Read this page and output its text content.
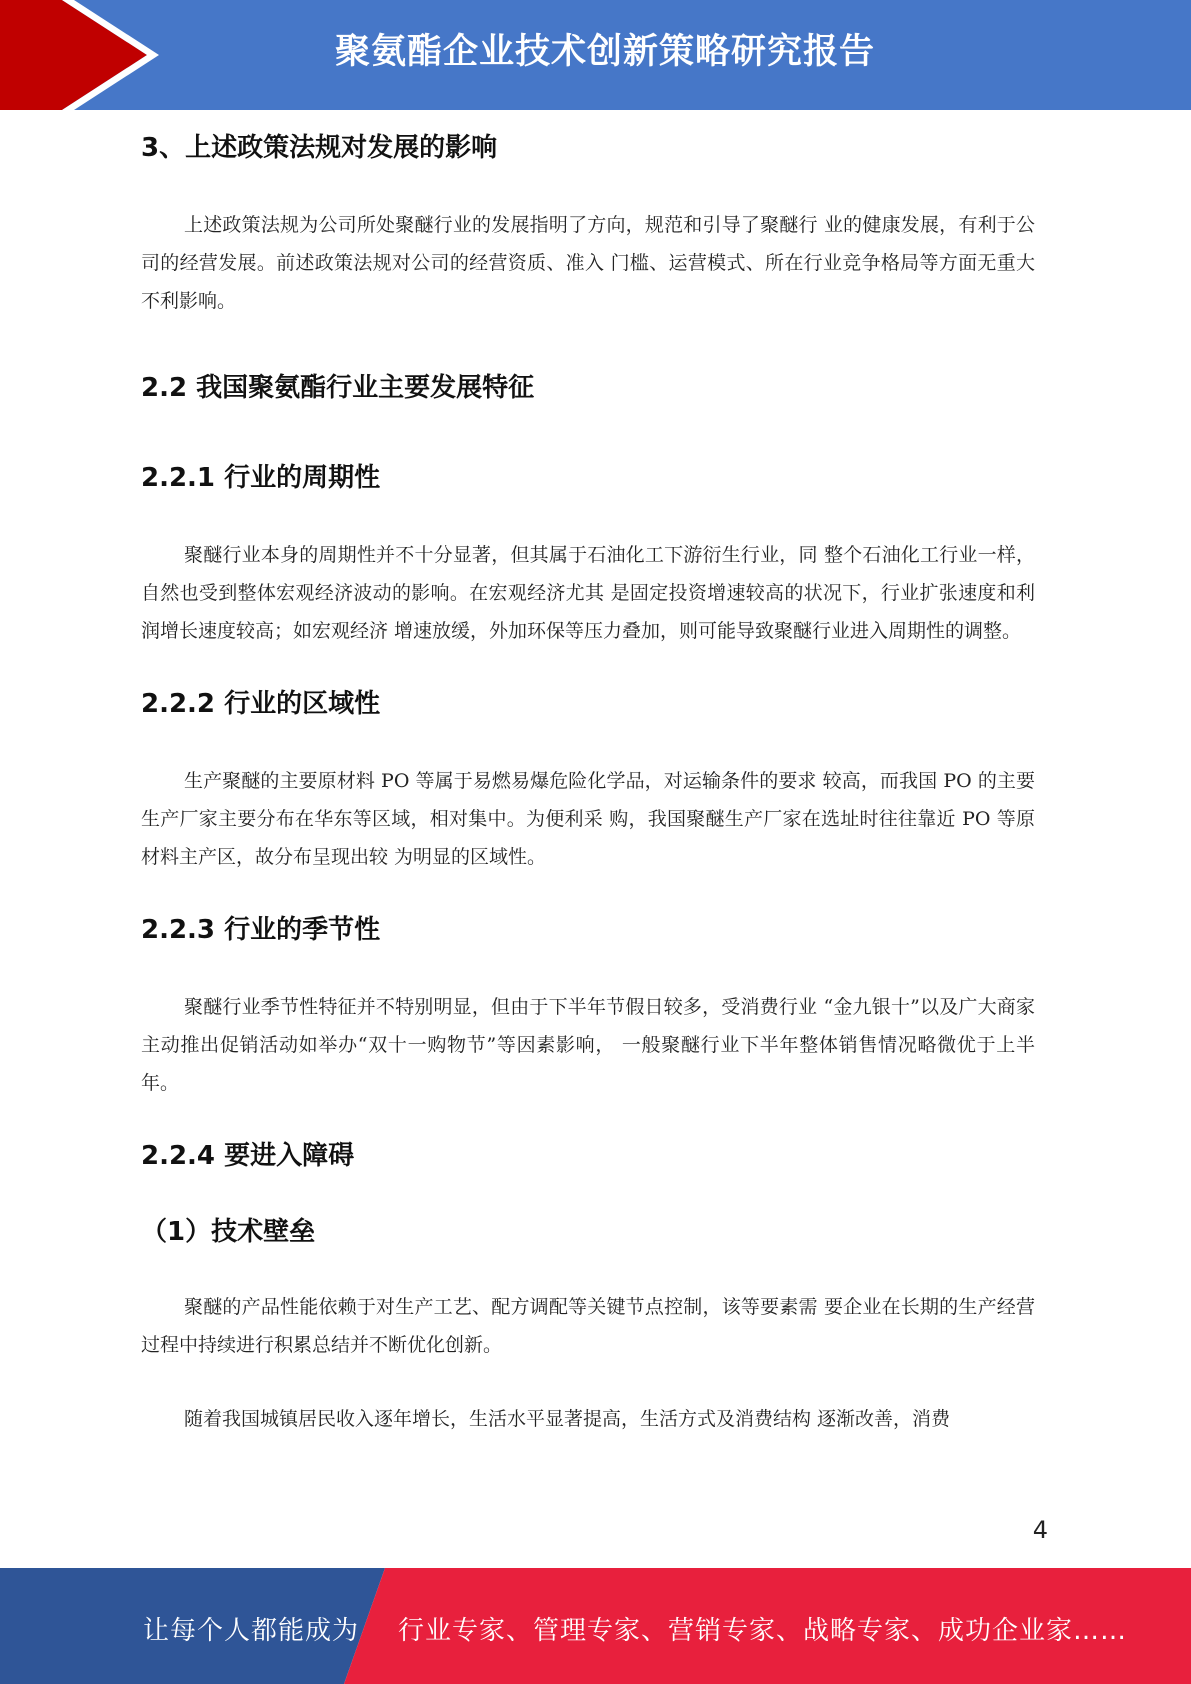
聚氨酯企业技术创新策略研究报告
3、上述政策法规对发展的影响

上述政策法规为公司所处聚醚行业的发展指明了方向，规范和引导了聚醚行 业的健康发展，有利于公司的经营发展。前述政策法规对公司的经营资质、准入 门槛、运营模式、所在行业竞争格局等方面无重大不利影响。

2.2 我国聚氨酯行业主要发展特征
2.2.1 行业的周期性

聚醚行业本身的周期性并不十分显著，但其属于石油化工下游衍生行业，同 整个石油化工行业一样，自然也受到整体宏观经济波动的影响。在宏观经济尤其 是固定投资增速较高的状况下，行业扩张速度和利润增长速度较高；如宏观经济 增速放缓，外加环保等压力叠加，则可能导致聚醚行业进入周期性的调整。

2.2.2 行业的区域性

生产聚醚的主要原材料 PO 等属于易燃易爆危险化学品，对运输条件的要求 较高，而我国 PO 的主要生产厂家主要分布在华东等区域，相对集中。为便利采 购，我国聚醚生产厂家在选址时往往靠近 PO 等原材料主产区，故分布呈现出较 为明显的区域性。

2.2.3 行业的季节性

聚醚行业季节性特征并不特别明显，但由于下半年节假日较多，受消费行业 “金九银十”以及广大商家主动推出促销活动如举办“双十一购物节”等因素影响， 一般聚醚行业下半年整体销售情况略微优于上半年。

2.2.4 要进入障碍
（1）技术壁垒

聚醚的产品性能依赖于对生产工艺、配方调配等关键节点控制，该等要素需 要企业在长期的生产经营过程中持续进行积累总结并不断优化创新。

随着我国城镇居民收入逐年增长，生活水平显著提高，生活方式及消费结构 逐渐改善，消费

4
让每个人都能成为 行业专家、管理专家、营销专家、战略专家、成功企业家……
